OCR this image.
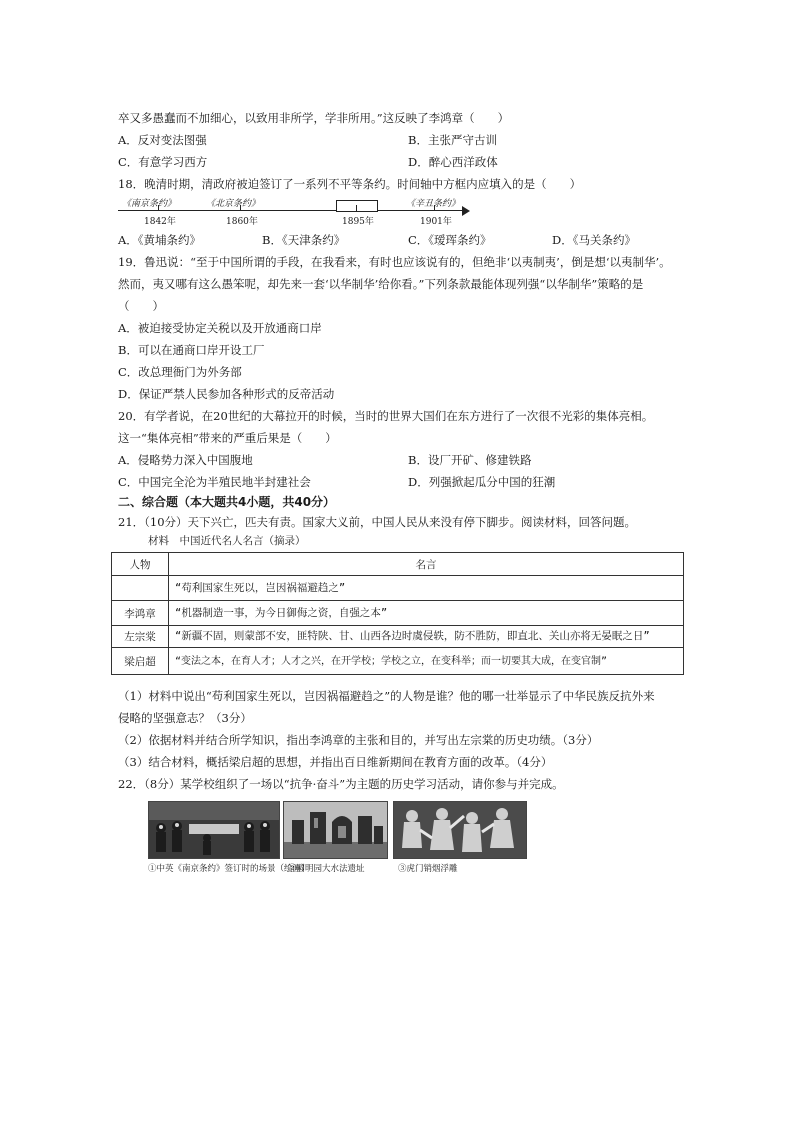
卒又多愚蠢而不加细心，以致用非所学，学非所用。”这反映了李鸿章（　　）
A．反对变法图强	B．主张严守古训
C．有意学习西方	D．醉心西洋政体
18．晚清时期，清政府被迫签订了一系列不平等条约。时间轴中方框内应填入的是（　　）
《南京条约》	《北京条约》	《辛丑条约》
1842年	1860年	1895年	1901年
A．《黄埔条约》	B．《天津条约》	C．《瑷珲条约》	D．《马关条约》
19．鲁迅说：“至于中国所谓的手段，在我看来，有时也应该说有的，但绝非‘以夷制夷’，倒是想‘以夷制华’。
然而，夷又哪有这么愚笨呢，却先来一套‘以华制华’给你看。”下列条款最能体现列强“以华制华”策略的是
（　　）
A．被迫接受协定关税以及开放通商口岸
B．可以在通商口岸开设工厂
C．改总理衙门为外务部
D．保证严禁人民参加各种形式的反帝活动
20．有学者说，在20世纪的大幕拉开的时候，当时的世界大国们在东方进行了一次很不光彩的集体亮相。
这一“集体亮相”带来的严重后果是（　　）
A．侵略势力深入中国腹地	B．设厂开矿、修建铁路
C．中国完全沦为半殖民地半封建社会	D．列强掀起瓜分中国的狂潮
二、综合题（本大题共4小题，共40分）
21．（10分）天下兴亡，匹夫有责。国家大义前，中国人民从来没有停下脚步。阅读材料，回答问题。
材料　中国近代名人名言（摘录）
人物	名言
	“苟利国家生死以，岂因祸福避趋之”
李鸿章	“机器制造一事，为今日御侮之资，自强之本”
左宗棠	“新疆不固，则蒙部不安，匪特陕、甘、山西各边时虞侵轶，防不胜防，即直北、关山亦将无晏眠之日”
梁启超	“变法之本，在育人才；人才之兴，在开学校；学校之立，在变科举；而一切要其大成，在变官制”
（1）材料中说出“苟利国家生死以，岂因祸福避趋之”的人物是谁？他的哪一壮举显示了中华民族反抗外来
侵略的坚强意志？（3分）
（2）依据材料并结合所学知识，指出李鸿章的主张和目的，并写出左宗棠的历史功绩。（3分）
（3）结合材料，概括梁启超的思想，并指出百日维新期间在教育方面的改革。（4分）
22．（8分）某学校组织了一场以“抗争·奋斗”为主题的历史学习活动，请你参与并完成。
①中英《南京条约》签订时的场景（绘画）
②圆明园大水法遗址	③虎门销烟浮雕
